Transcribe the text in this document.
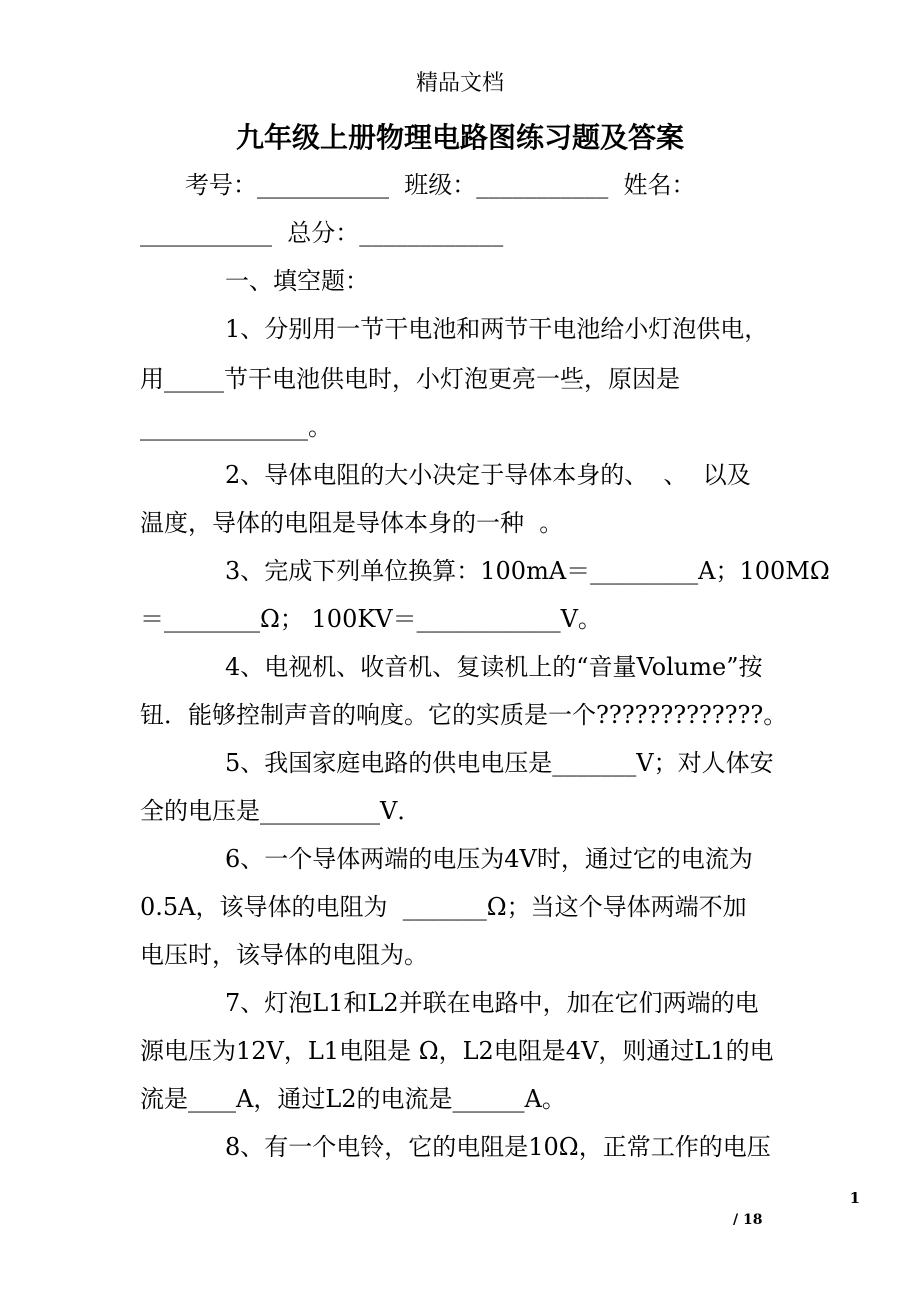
精品文档
九年级上册物理电路图练习题及答案
考号：___________  班级：___________  姓名：
___________  总分：____________
一、填空题：
1、分别用一节干电池和两节干电池给小灯泡供电，
用_____节干电池供电时，小灯泡更亮一些，原因是
______________。
2、导体电阻的大小决定于导体本身的、  、  以及
温度，导体的电阻是导体本身的一种  。
3、完成下列单位换算：100mA＝_________A；100MΩ
＝________Ω； 100KV＝____________V。
4、电视机、收音机、复读机上的“音量Volume”按
钮．能够控制声音的响度。它的实质是一个?????????????。
5、我国家庭电路的供电电压是_______V；对人体安
全的电压是__________V．
6、一个导体两端的电压为4V时，通过它的电流为
0.5A，该导体的电阻为  _______Ω；当这个导体两端不加
电压时，该导体的电阻为。
7、灯泡L1和L2并联在电路中，加在它们两端的电
源电压为12V，L1电阻是 Ω，L2电阻是4V，则通过L1的电
流是____A，通过L2的电流是______A。
8、有一个电铃，它的电阻是10Ω，正常工作的电压
1
/ 18
